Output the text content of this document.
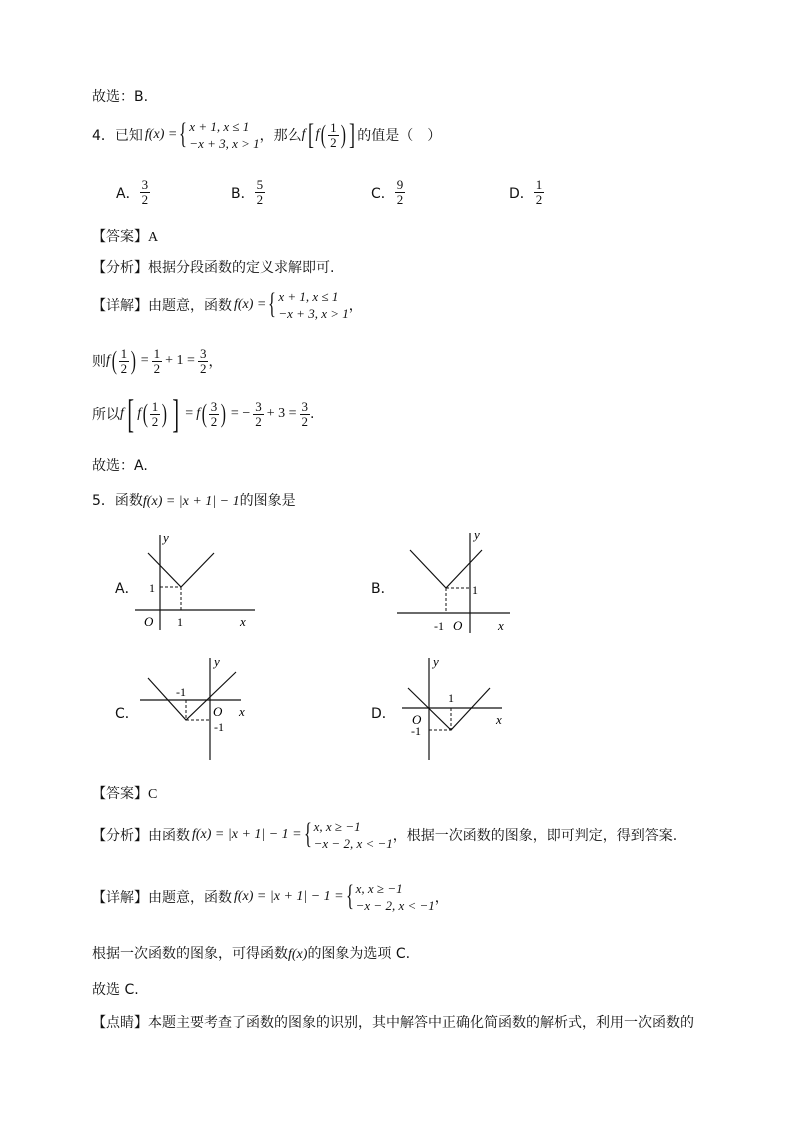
故选：B.
4．已知 f(x) = { x + 1, x ≤ 1
−x + 3, x > 1 ，那么 f [ f ( $\frac{1}{2}$ ) ] 的值是（　）
A． $\frac{3}{2}$	B． $\frac{5}{2}$	C． $\frac{9}{2}$	D． $\frac{1}{2}$
【答案】A
【分析】根据分段函数的定义求解即可.
【详解】 由题意，函数 f(x) = { x + 1, x ≤ 1
−x + 3, x > 1 ，
则 f ( $\frac{1}{2}$ ) = $\frac{1}{2} + 1 = \frac{3}{2}$ ，
所以 f [ f ( $\frac{1}{2}$ ) ] = f ( $\frac{3}{2}$ ) = − $\frac{3}{2} + 3 = \frac{3}{2}$ .
故选：A.
5．函数f(x) = |x + 1| − 1的图象是
A．	B．
C．	D．
y
x
O
1
1
y
x
O
1
-1
y
x
O
-1
-1
y
x
O
1
-1
【答案】C
【分析】 由函数 f(x) = |x + 1| − 1 = { x, x ≥ −1
−x − 2, x < −1 ，根据一次函数的图象，即可判定，得到答案.
【详解】 由题意，函数 f(x) = |x + 1| − 1 = { x, x ≥ −1
−x − 2, x < −1 ，
根据一次函数的图象，可得函数f(x)的图象为选项 C.
故选 C.
【点睛】本题主要考查了函数的图象的识别，其中解答中正确化简函数的解析式，利用一次函数的
